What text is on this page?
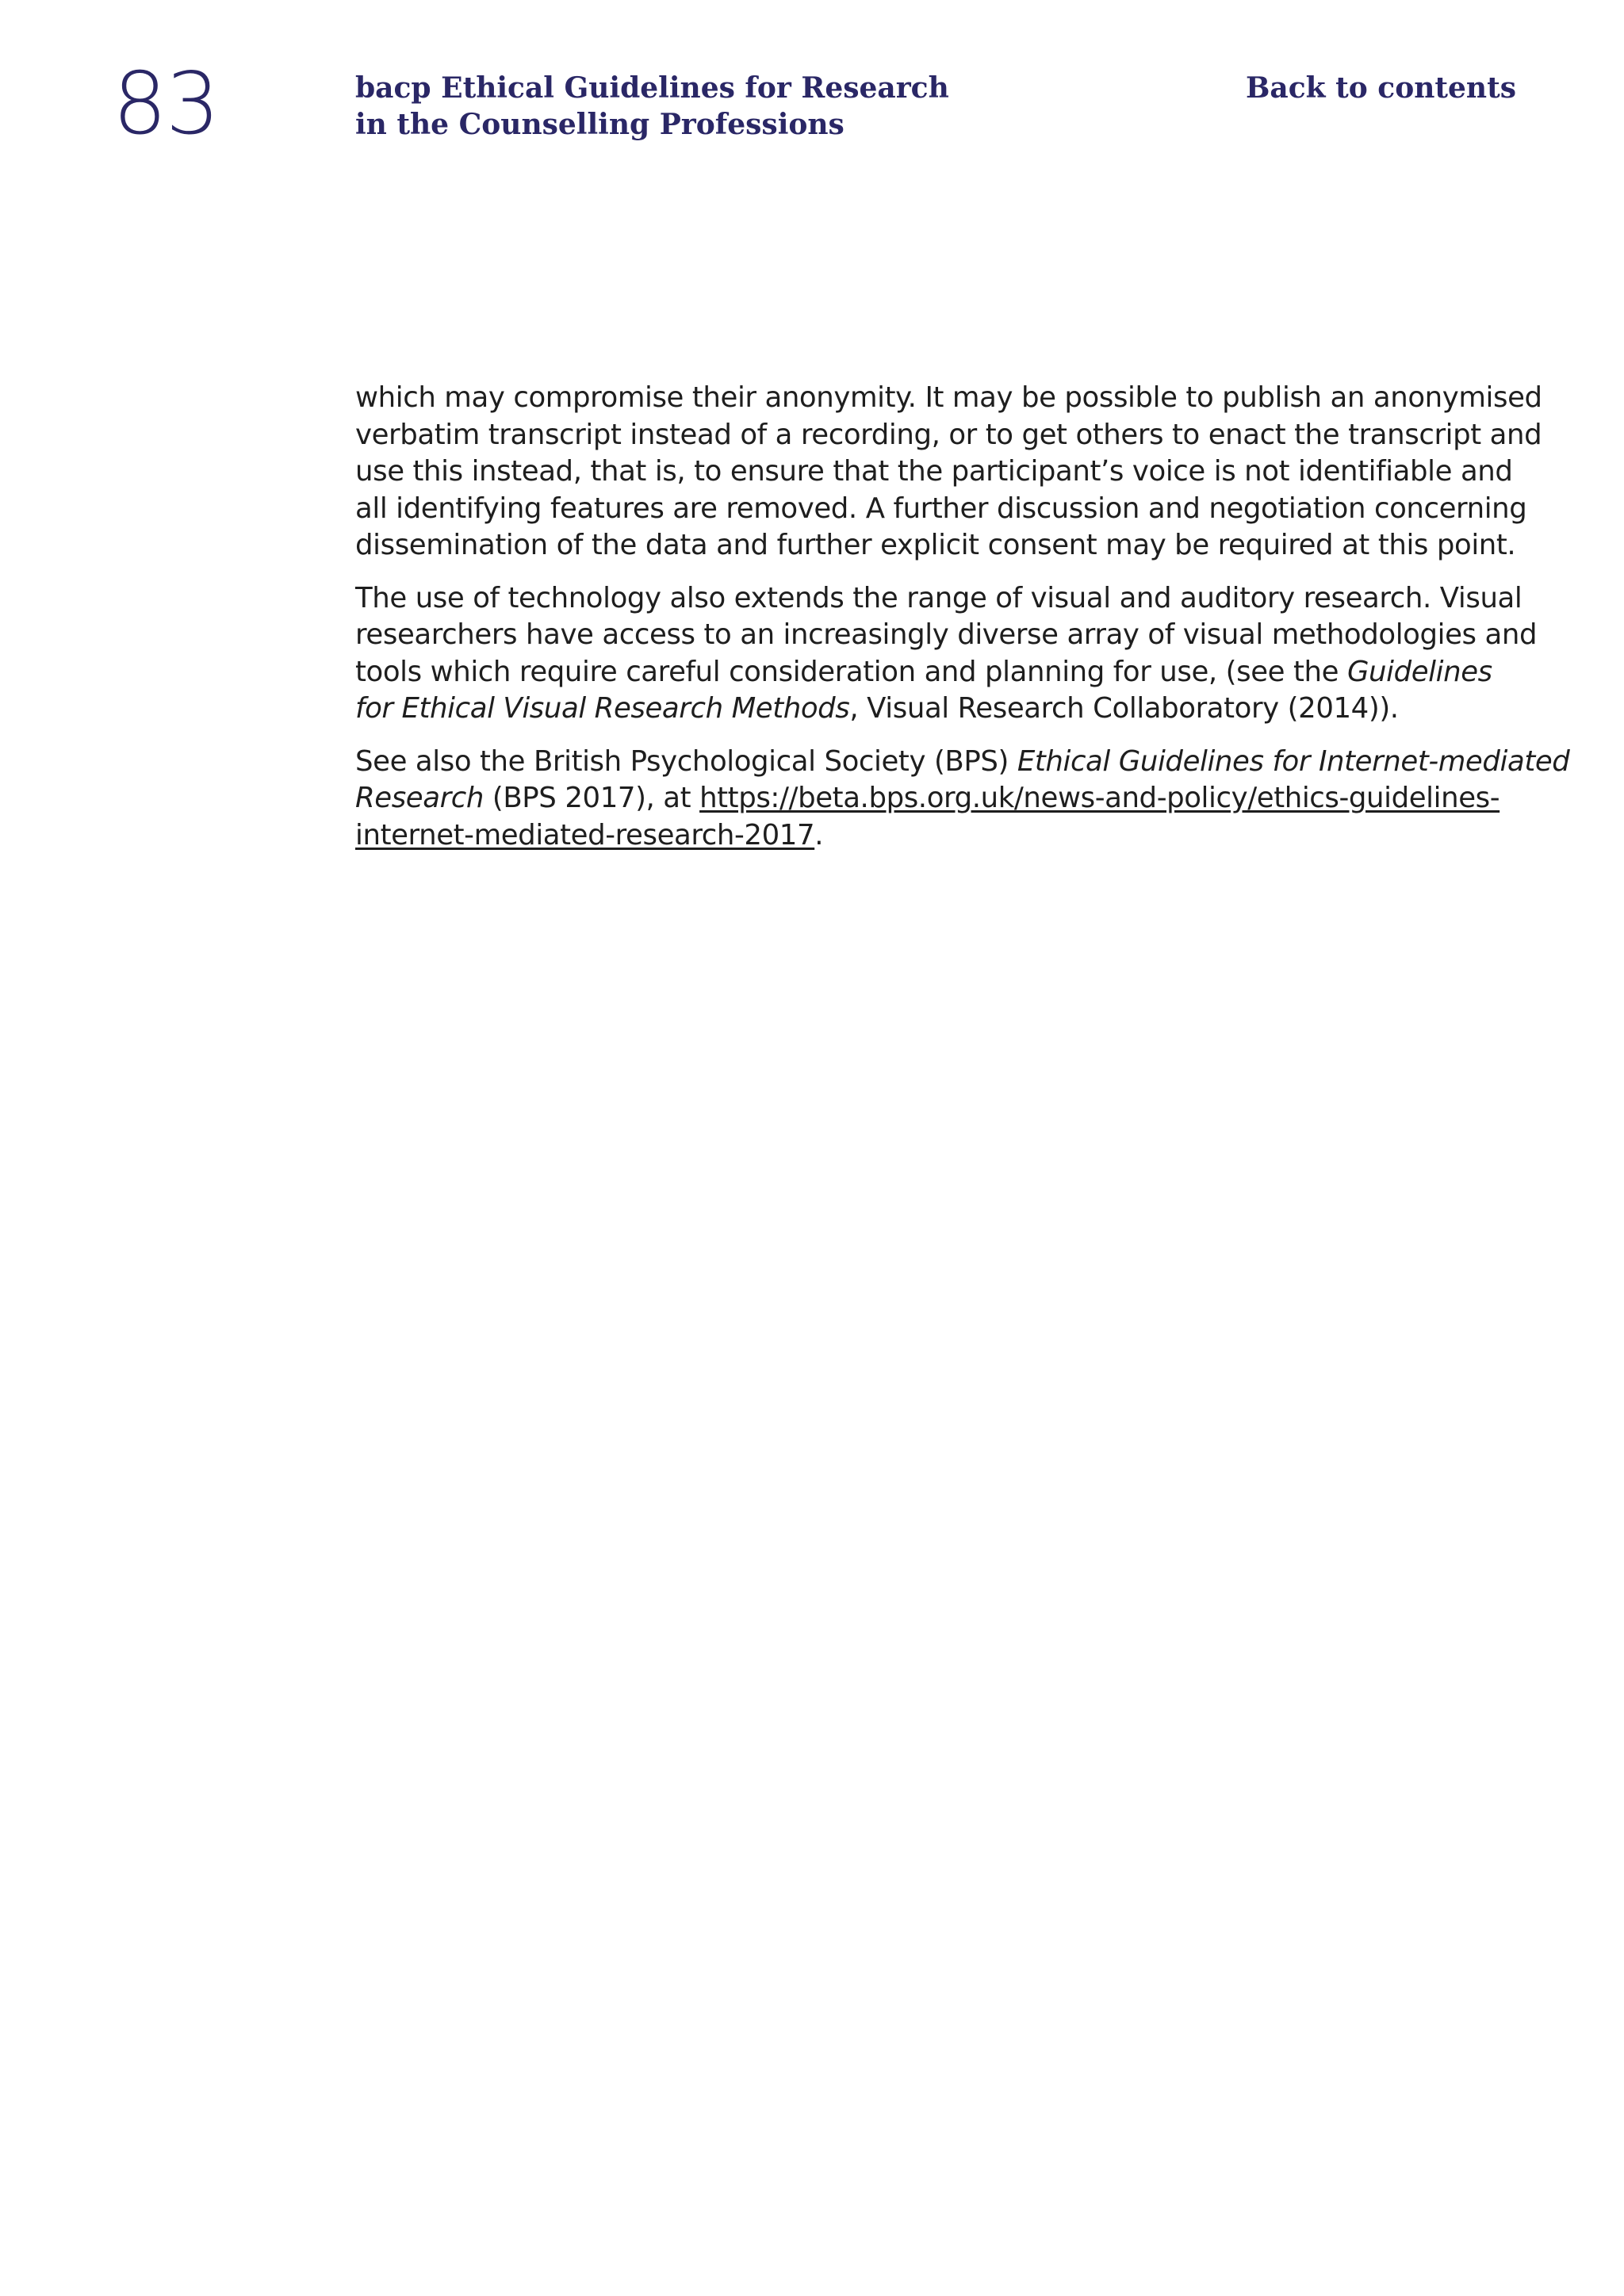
83	bacp Ethical Guidelines for Research
in the Counselling Professions
Back to contents

which may compromise their anonymity. It may be possible to publish an anonymised
verbatim transcript instead of a recording, or to get others to enact the transcript and
use this instead, that is, to ensure that the participant’s voice is not identifiable and
all identifying features are removed. A further discussion and negotiation concerning
dissemination of the data and further explicit consent may be required at this point.

The use of technology also extends the range of visual and auditory research. Visual
researchers have access to an increasingly diverse array of visual methodologies and
tools which require careful consideration and planning for use, (see the Guidelines
for Ethical Visual Research Methods, Visual Research Collaboratory (2014)).

See also the British Psychological Society (BPS) Ethical Guidelines for Internet-mediated
Research (BPS 2017), at https://beta.bps.org.uk/news-and-policy/ethics-guidelines-
internet-mediated-research-2017.
